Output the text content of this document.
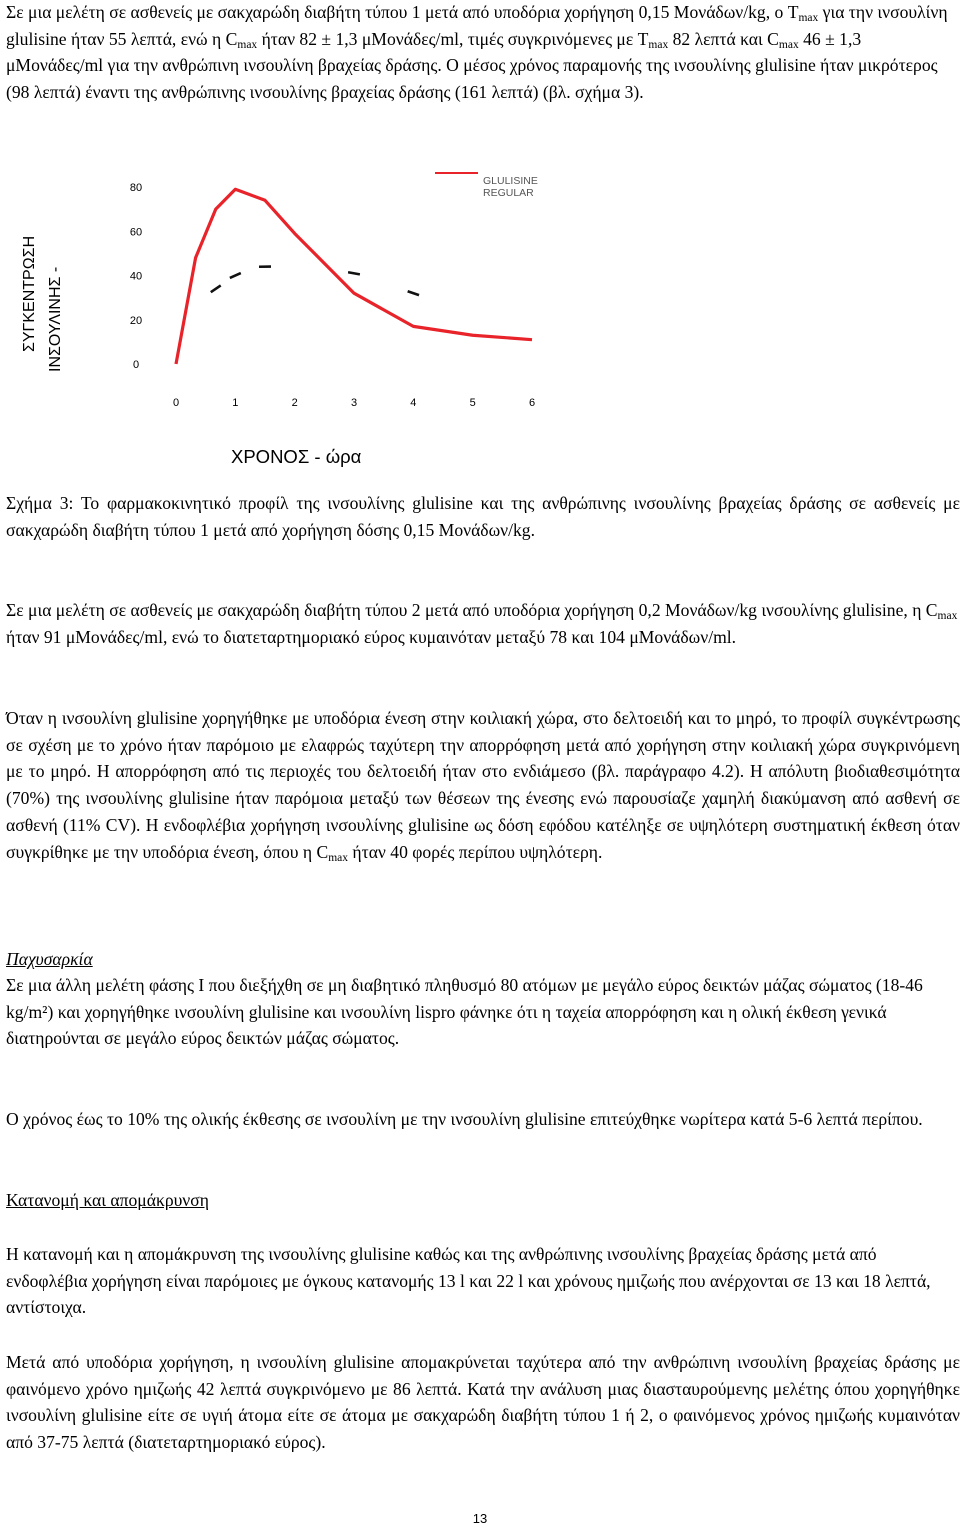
Σε μια μελέτη σε ασθενείς με σακχαρώδη διαβήτη τύπου 1 μετά από υποδόρια χορήγηση 0,15 Μονάδων/kg, ο $T_{max}$ για την ινσουλίνη glulisine ήταν 55 λεπτά, ενώ η $C_{max}$ ήταν 82 ± 1,3 μΜονάδες/ml, τιμές συγκρινόμενες με $T_{max}$ 82 λεπτά και $C_{max}$ 46 ± 1,3 μΜονάδες/ml για την ανθρώπινη ινσουλίνη βραχείας δράσης. Ο μέσος χρόνος παραμονής της ινσουλίνης glulisine ήταν μικρότερος (98 λεπτά) έναντι της ανθρώπινης ινσουλίνης βραχείας δράσης (161 λεπτά) (βλ. σχήμα 3).

ΣΥΓΚΕΝΤΡΩΣΗ ΙΝΣΟΥΛΙΝΗΣ -	0
20
40
60
80
0	1	2	3	4	5	6
GLULISINE
REGULAR
ΧΡΟΝΟΣ - ώρα

Σχήμα 3: Το φαρμακοκινητικό προφίλ της ινσουλίνης glulisine και της ανθρώπινης ινσουλίνης βραχείας δράσης σε ασθενείς με σακχαρώδη διαβήτη τύπου 1 μετά από χορήγηση δόσης 0,15 Μονάδων/kg.

Σε μια μελέτη σε ασθενείς με σακχαρώδη διαβήτη τύπου 2 μετά από υποδόρια χορήγηση 0,2 Μονάδων/kg ινσουλίνης glulisine, η $C_{max}$ ήταν 91 μΜονάδες/ml, ενώ το διατεταρτημοριακό εύρος κυμαινόταν μεταξύ 78 και 104 μΜονάδων/ml.

Όταν η ινσουλίνη glulisine χορηγήθηκε με υποδόρια ένεση στην κοιλιακή χώρα, στο δελτοειδή και το μηρό, το προφίλ συγκέντρωσης σε σχέση με το χρόνο ήταν παρόμοιο με ελαφρώς ταχύτερη την απορρόφηση μετά από χορήγηση στην κοιλιακή χώρα συγκρινόμενη με το μηρό. Η απορρόφηση από τις περιοχές του δελτοειδή ήταν στο ενδιάμεσο (βλ. παράγραφο 4.2). Η απόλυτη βιοδιαθεσιμότητα (70%) της ινσουλίνης glulisine ήταν παρόμοια μεταξύ των θέσεων της ένεσης ενώ παρουσίαζε χαμηλή διακύμανση από ασθενή σε ασθενή (11% CV). Η ενδοφλέβια χορήγηση ινσουλίνης glulisine ως δόση εφόδου κατέληξε σε υψηλότερη συστηματική έκθεση όταν συγκρίθηκε με την υποδόρια ένεση, όπου η $C_{max}$ ήταν 40 φορές περίπου υψηλότερη.

Παχυσαρκία

Σε μια άλλη μελέτη φάσης Ι που διεξήχθη σε μη διαβητικό πληθυσμό 80 ατόμων με μεγάλο εύρος δεικτών μάζας σώματος (18-46 kg/m²) και χορηγήθηκε ινσουλίνη glulisine και ινσουλίνη lispro φάνηκε ότι η ταχεία απορρόφηση και η ολική έκθεση γενικά διατηρούνται σε μεγάλο εύρος δεικτών μάζας σώματος.

Ο χρόνος έως το 10% της ολικής έκθεσης σε ινσουλίνη με την ινσουλίνη glulisine επιτεύχθηκε νωρίτερα κατά 5-6 λεπτά περίπου.

Κατανομή και απομάκρυνση

Η κατανομή και η απομάκρυνση της ινσουλίνης glulisine καθώς και της ανθρώπινης ινσουλίνης βραχείας δράσης μετά από ενδοφλέβια χορήγηση είναι παρόμοιες με όγκους κατανομής 13 l και 22 l και χρόνους ημιζωής που ανέρχονται σε 13 και 18 λεπτά, αντίστοιχα.

Μετά από υποδόρια χορήγηση, η ινσουλίνη glulisine απομακρύνεται ταχύτερα από την ανθρώπινη ινσουλίνη βραχείας δράσης με φαινόμενο χρόνο ημιζωής 42 λεπτά συγκρινόμενο με 86 λεπτά. Κατά την ανάλυση μιας διασταυρούμενης μελέτης όπου χορηγήθηκε ινσουλίνη glulisine είτε σε υγιή άτομα είτε σε άτομα με σακχαρώδη διαβήτη τύπου 1 ή 2, ο φαινόμενος χρόνος ημιζωής κυμαινόταν από 37-75 λεπτά (διατεταρτημοριακό εύρος).

13
